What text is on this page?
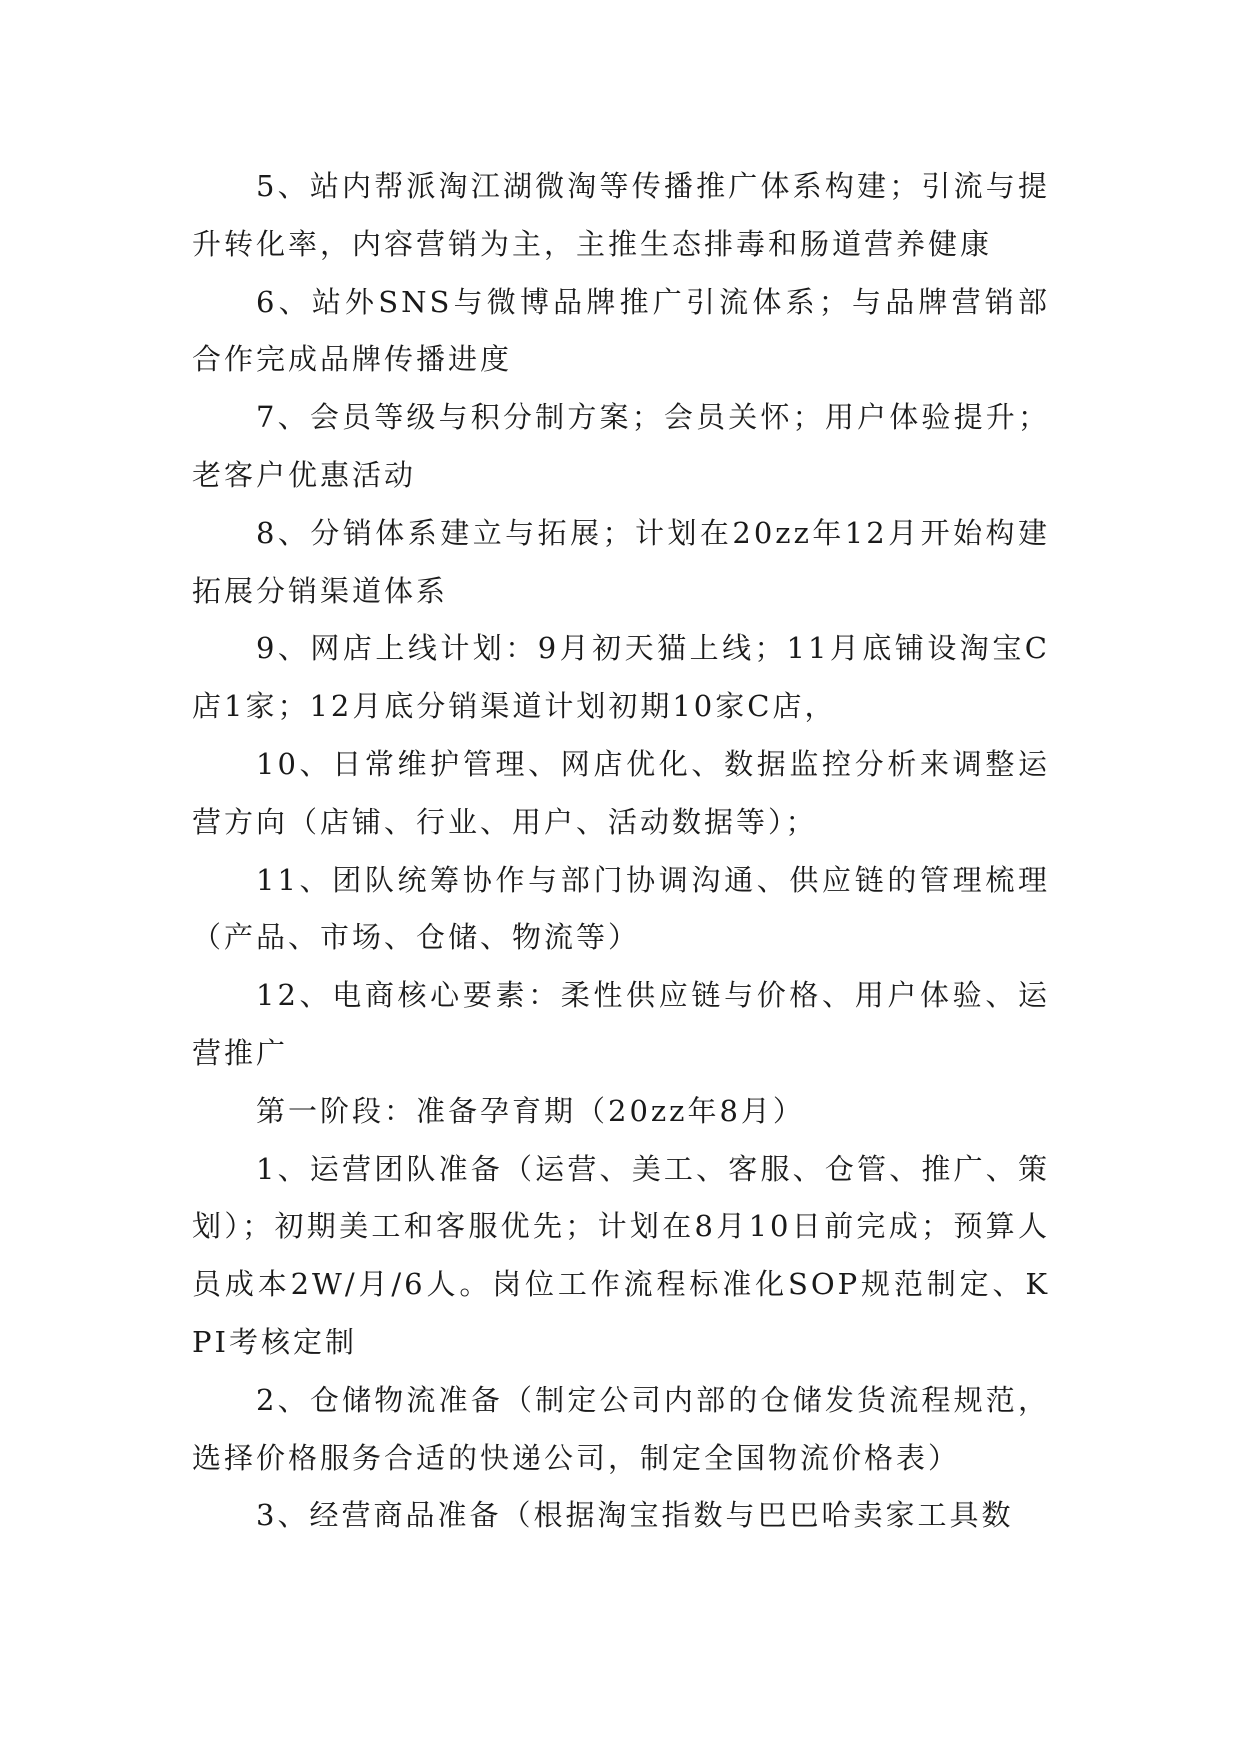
5、站内帮派淘江湖微淘等传播推广体系构建；引流与提升转化率，内容营销为主，主推生态排毒和肠道营养健康

6、站外SNS与微博品牌推广引流体系；与品牌营销部合作完成品牌传播进度

7、会员等级与积分制方案；会员关怀；用户体验提升；老客户优惠活动

8、分销体系建立与拓展；计划在20zz年12月开始构建拓展分销渠道体系

9、网店上线计划：9月初天猫上线；11月底铺设淘宝C店1家；12月底分销渠道计划初期10家C店，

10、日常维护管理、网店优化、数据监控分析来调整运营方向（店铺、行业、用户、活动数据等）；

11、团队统筹协作与部门协调沟通、供应链的管理梳理（产品、市场、仓储、物流等）

12、电商核心要素：柔性供应链与价格、用户体验、运营推广

第一阶段：准备孕育期（20zz年8月）

1、运营团队准备（运营、美工、客服、仓管、推广、策划）；初期美工和客服优先；计划在8月10日前完成；预算人员成本2W/月/6人。岗位工作流程标准化SOP规范制定、KPI考核定制

2、仓储物流准备（制定公司内部的仓储发货流程规范，选择价格服务合适的快递公司，制定全国物流价格表）

3、经营商品准备（根据淘宝指数与巴巴哈卖家工具数
